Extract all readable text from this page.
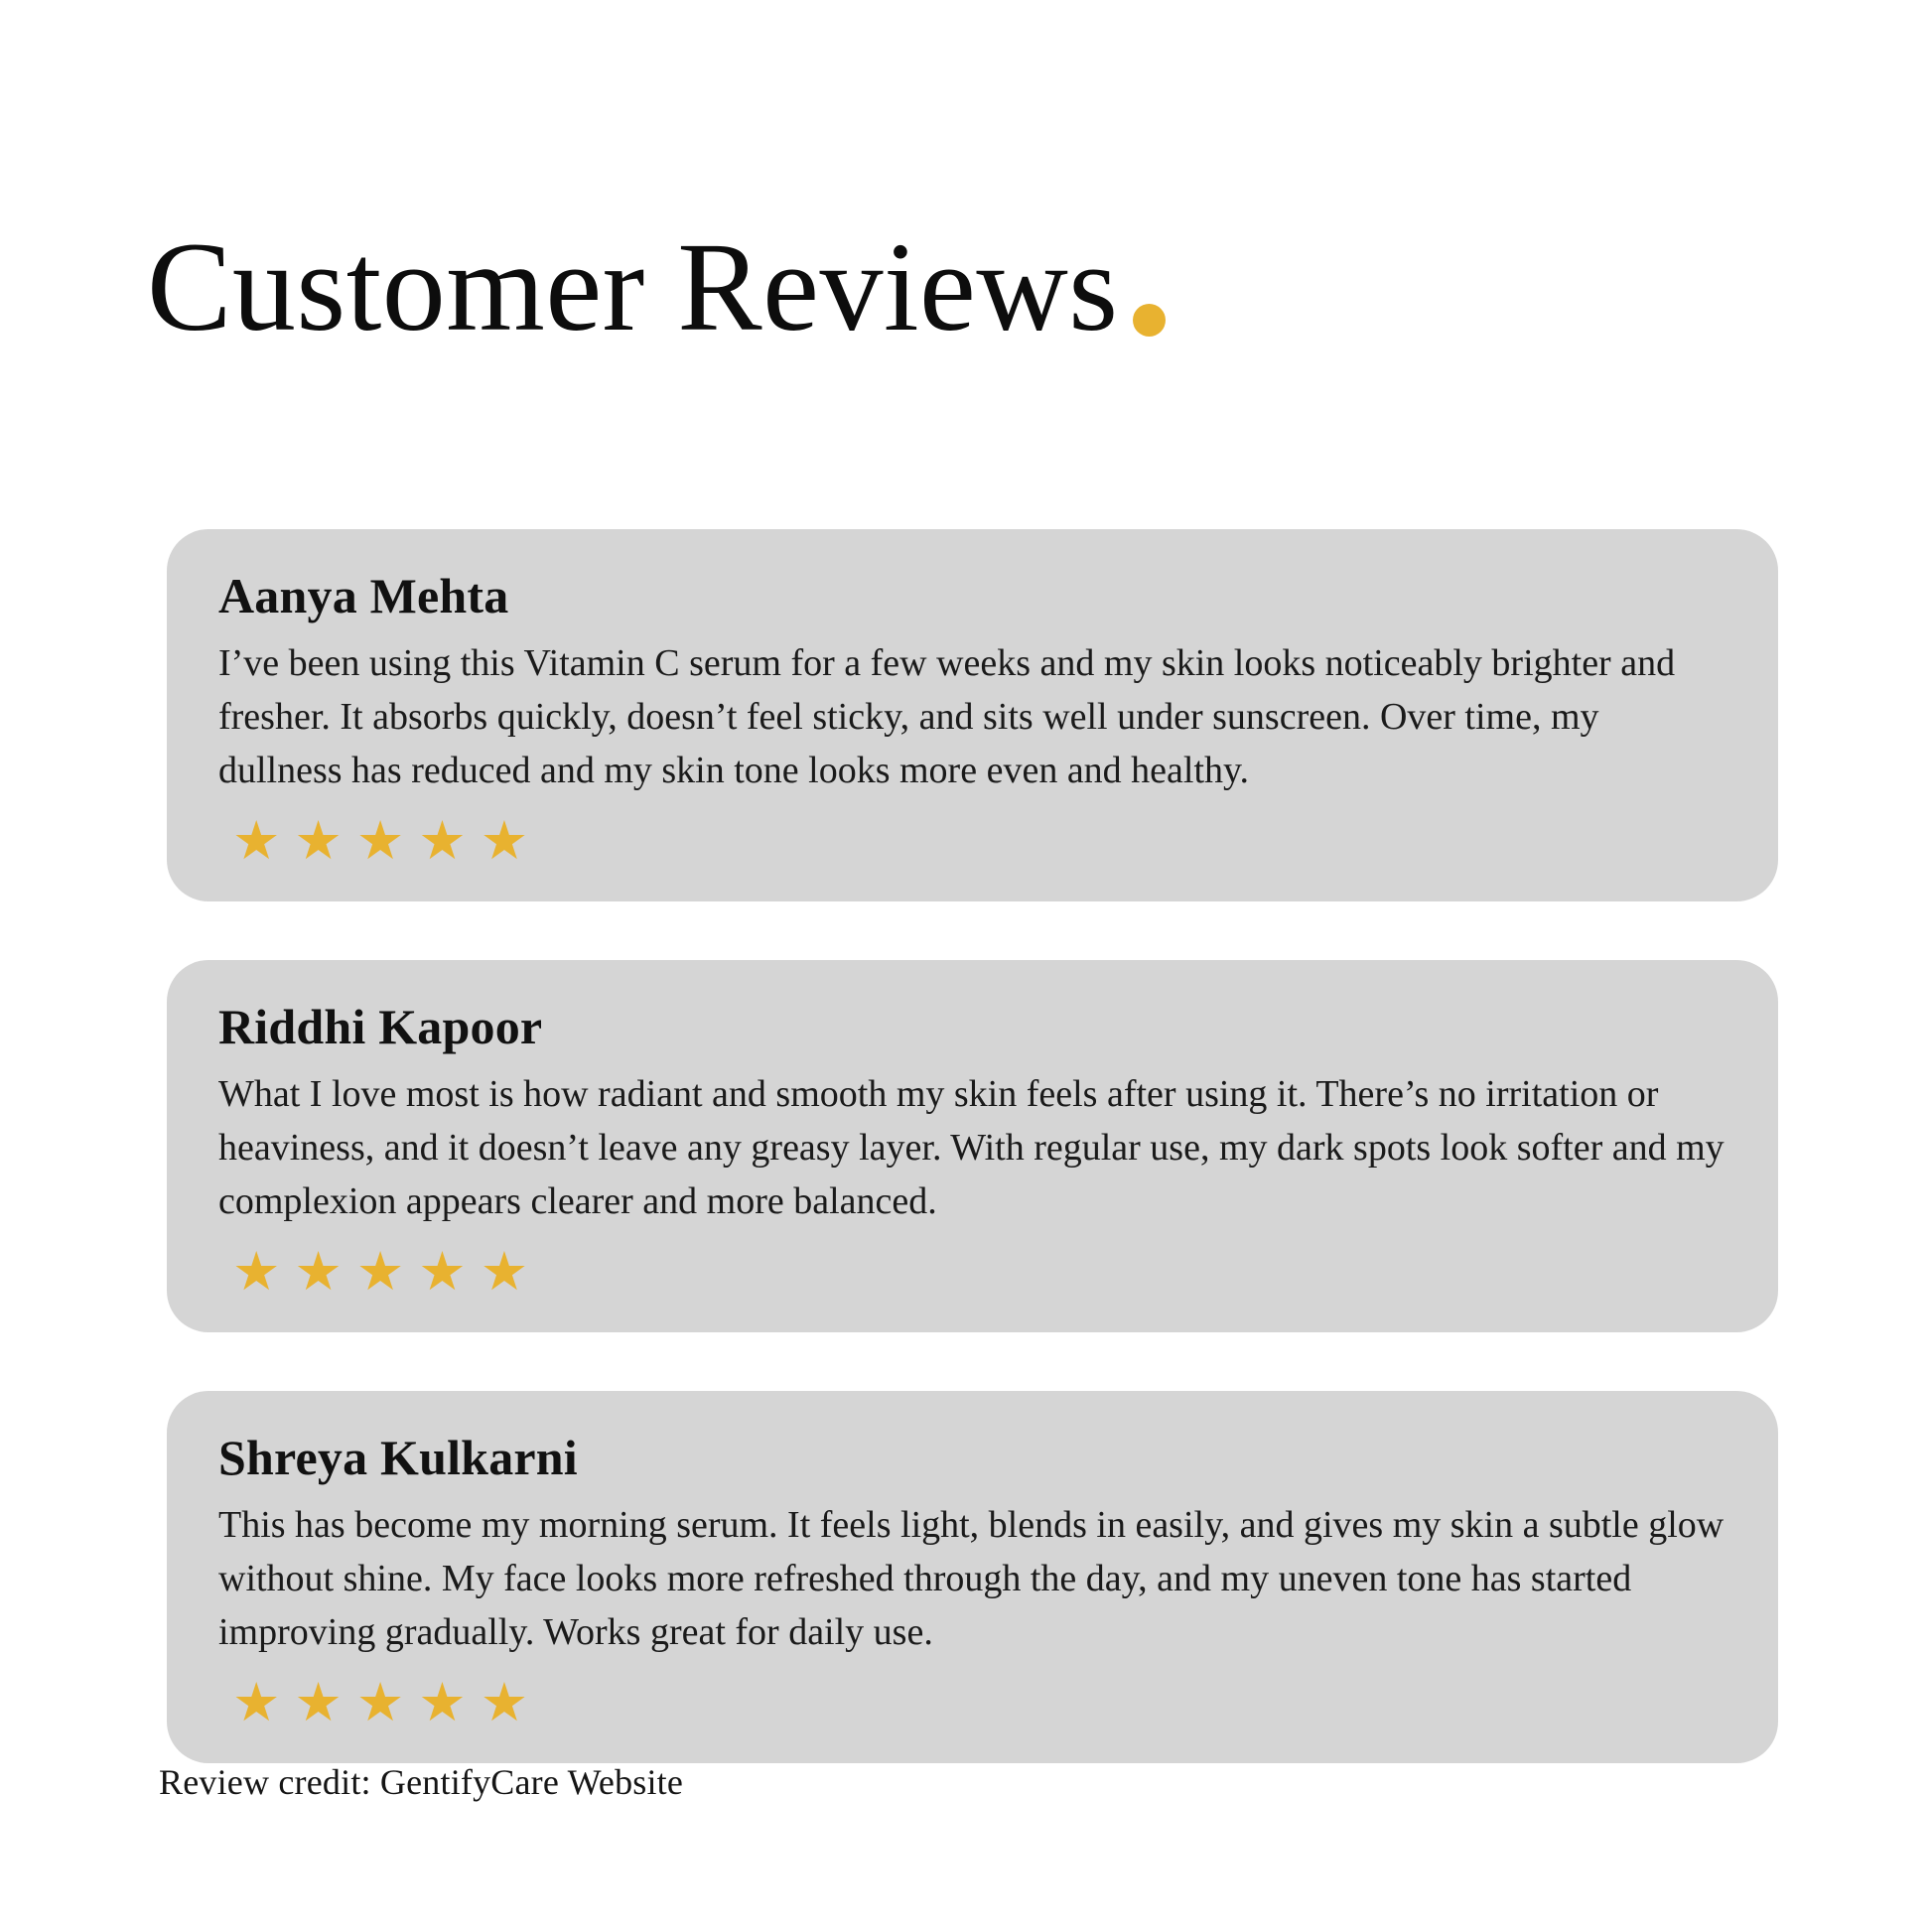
Customer Reviews
Aanya Mehta
I’ve been using this Vitamin C serum for a few weeks and my skin looks noticeably brighter and fresher. It absorbs quickly, doesn’t feel sticky, and sits well under sunscreen. Over time, my dullness has reduced and my skin tone looks more even and healthy.
★ ★ ★ ★ ★
Riddhi Kapoor
What I love most is how radiant and smooth my skin feels after using it. There’s no irritation or heaviness, and it doesn’t leave any greasy layer. With regular use, my dark spots look softer and my complexion appears clearer and more balanced.
★ ★ ★ ★ ★
Shreya Kulkarni
This has become my morning serum. It feels light, blends in easily, and gives my skin a subtle glow without shine. My face looks more refreshed through the day, and my uneven tone has started improving gradually. Works great for daily use.
★ ★ ★ ★ ★
Review credit: GentifyCare Website
